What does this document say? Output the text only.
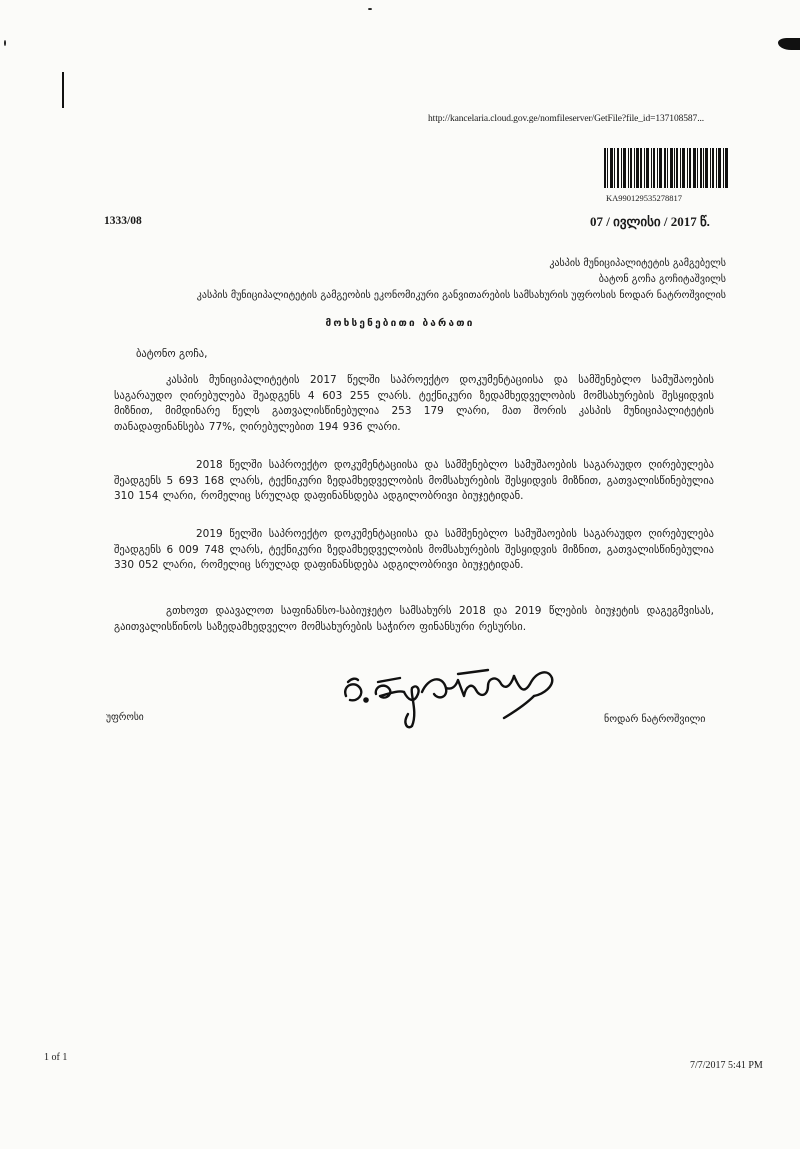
http://kancelaria.cloud.gov.ge/nomfileserver/GetFile?file_id=137108587...
KA990129535278817
1333/08	07 / ივლისი / 2017 წ.
კასპის მუნიციპალიტეტის გამგებელს
ბატონ გოჩა გოჩიტაშვილს
კასპის მუნიციპალიტეტის გამგეობის ეკონომიკური განვითარების სამსახურის უფროსის ნოდარ ნატროშვილის
მოხსენებითი ბარათი
ბატონო გოჩა,
კასპის მუნიციპალიტეტის 2017 წელში საპროექტო დოკუმენტაციისა და სამშენებლო სამუშაოების საგარაუდო ღირებულება შეადგენს 4 603 255 ლარს. ტექნიკური ზედამხედველობის მომსახურების შესყიდვის მიზნით, მიმდინარე წელს გათვალისწინებულია 253 179 ლარი, მათ შორის კასპის მუნიციპალიტეტის თანადაფინანსება 77%, ღირებულებით 194 936 ლარი.
2018 წელში საპროექტო დოკუმენტაციისა და სამშენებლო სამუშაოების საგარაუდო ღირებულება შეადგენს 5 693 168 ლარს, ტექნიკური ზედამხედველობის მომსახურების შესყიდვის მიზნით, გათვალისწინებულია 310 154 ლარი, რომელიც სრულად დაფინანსდება ადგილობრივი ბიუჯეტიდან.
2019 წელში საპროექტო დოკუმენტაციისა და სამშენებლო სამუშაოების საგარაუდო ღირებულება შეადგენს 6 009 748 ლარს, ტექნიკური ზედამხედველობის მომსახურების შესყიდვის მიზნით, გათვალისწინებულია 330 052 ლარი, რომელიც სრულად დაფინანსდება ადგილობრივი ბიუჯეტიდან.
გთხოვთ დაავალოთ საფინანსო-საბიუჯეტო სამსახურს 2018 და 2019 წლების ბიუჯეტის დაგეგმვისას, გაითვალისწინოს საზედამხედველო მომსახურების საჭირო ფინანსური რესურსი.
უფროსი	ნოდარ ნატროშვილი
1 of 1
7/7/2017 5:41 PM
